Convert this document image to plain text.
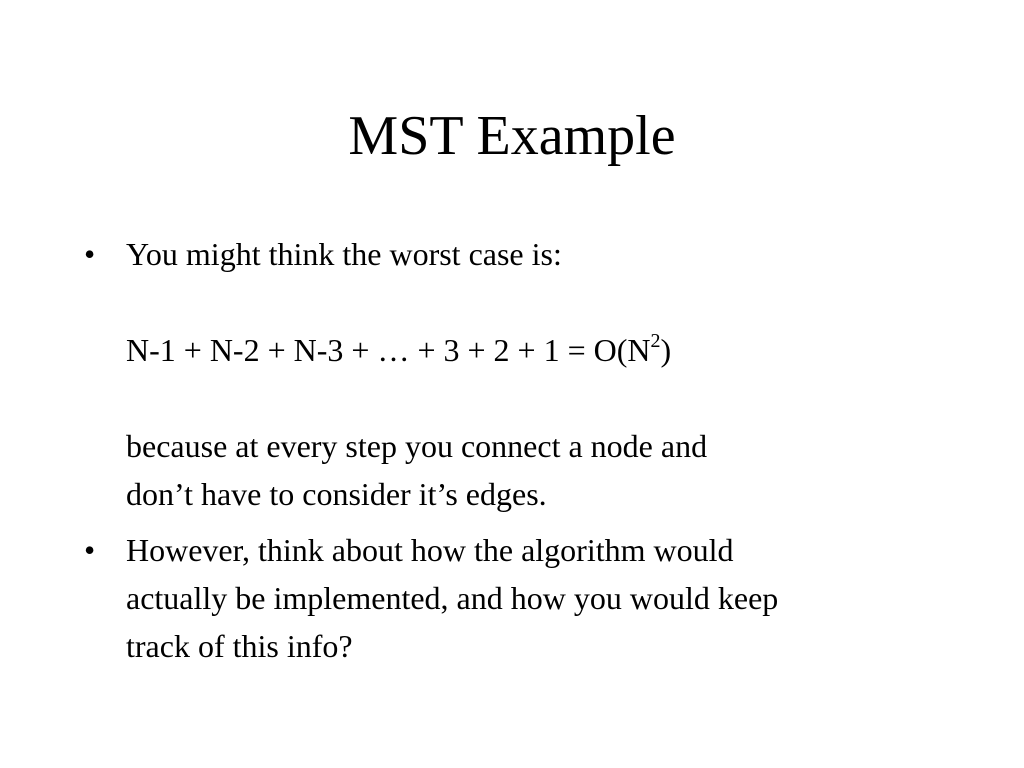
MST Example
• You might think the worst case is:
N-1 + N-2 + N-3 + … + $3 + 2 + 1 = O(N^2)$
because at every step you connect a node and
don’t have to consider it’s edges.
• However, think about how the algorithm would
actually be implemented, and how you would keep
track of this info?
